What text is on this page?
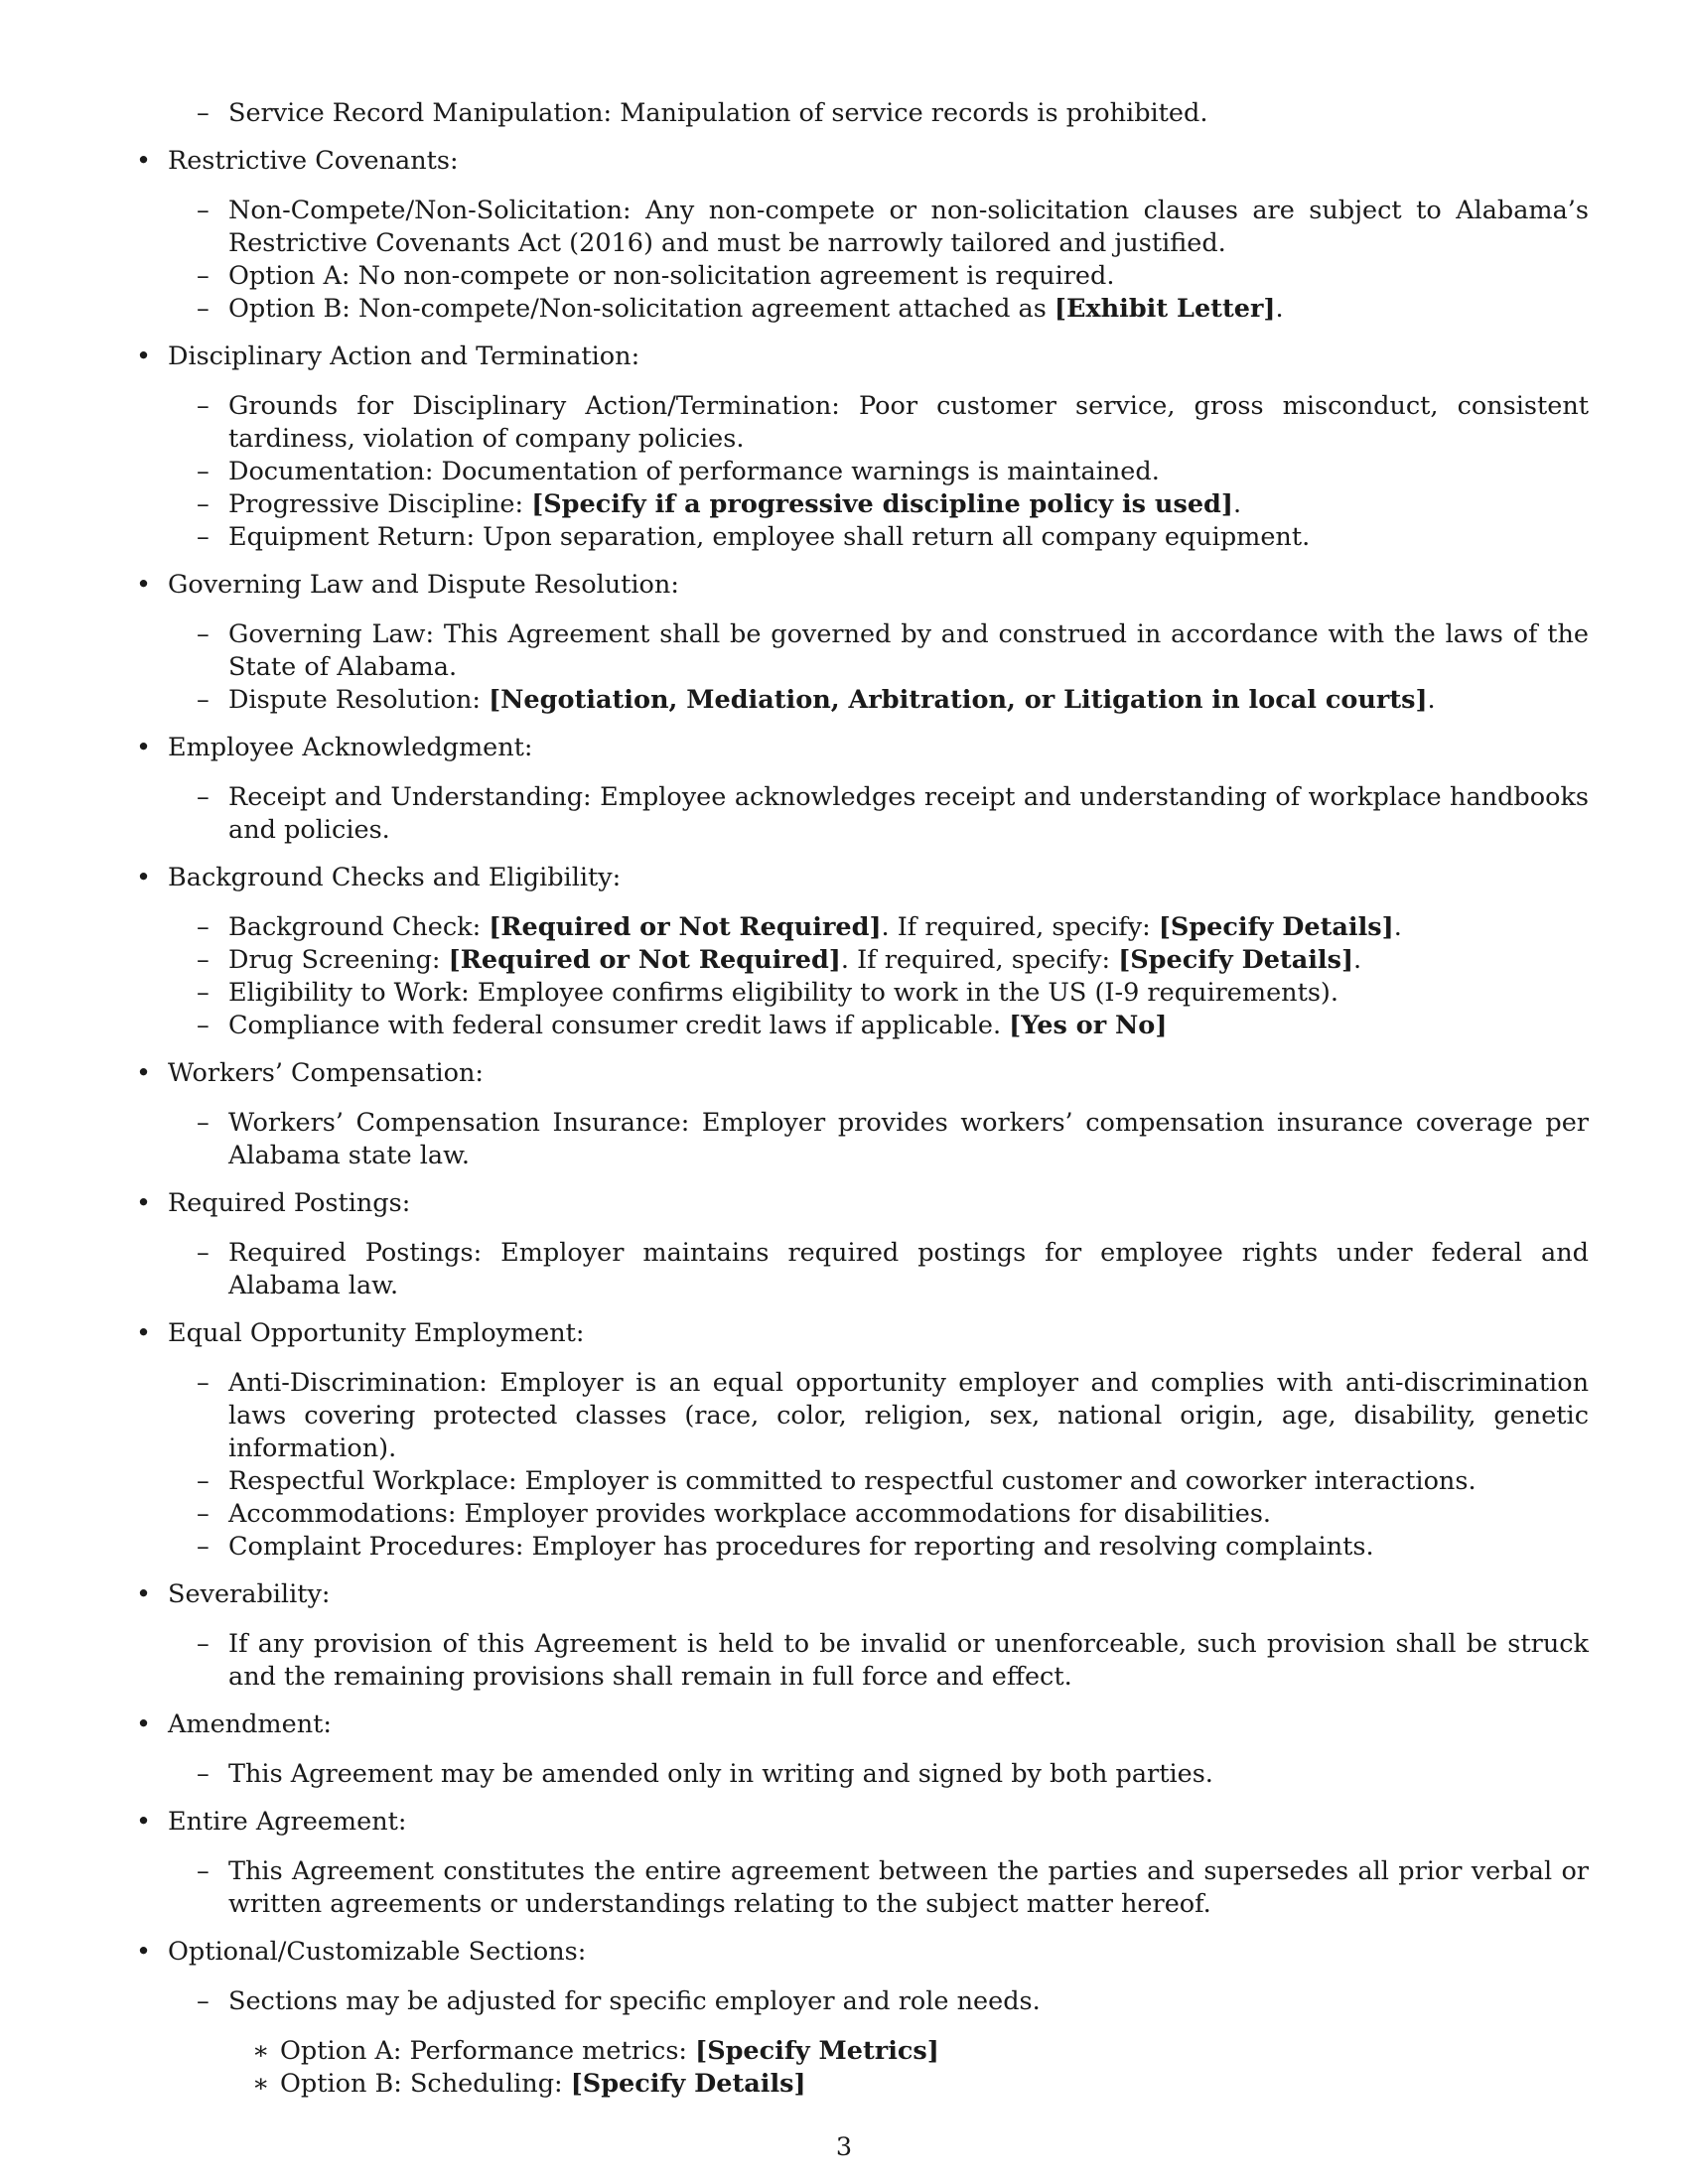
– Service Record Manipulation: Manipulation of service records is prohibited.
• Restrictive Covenants:
– Non-Compete/Non-Solicitation: Any non-compete or non-solicitation clauses are subject to Alabama’s Restrictive Covenants Act (2016) and must be narrowly tailored and justified.
– Option A: No non-compete or non-solicitation agreement is required.
– Option B: Non-compete/Non-solicitation agreement attached as [Exhibit Letter].
• Disciplinary Action and Termination:
– Grounds for Disciplinary Action/Termination: Poor customer service, gross misconduct, consistent tardiness, violation of company policies.
– Documentation: Documentation of performance warnings is maintained.
– Progressive Discipline: [Specify if a progressive discipline policy is used].
– Equipment Return: Upon separation, employee shall return all company equipment.
• Governing Law and Dispute Resolution:
– Governing Law: This Agreement shall be governed by and construed in accordance with the laws of the State of Alabama.
– Dispute Resolution: [Negotiation, Mediation, Arbitration, or Litigation in local courts].
• Employee Acknowledgment:
– Receipt and Understanding: Employee acknowledges receipt and understanding of workplace handbooks and policies.
• Background Checks and Eligibility:
– Background Check: [Required or Not Required]. If required, specify: [Specify Details].
– Drug Screening: [Required or Not Required]. If required, specify: [Specify Details].
– Eligibility to Work: Employee confirms eligibility to work in the US (I-9 requirements).
– Compliance with federal consumer credit laws if applicable. [Yes or No]
• Workers’ Compensation:
– Workers’ Compensation Insurance: Employer provides workers’ compensation insurance coverage per Alabama state law.
• Required Postings:
– Required Postings: Employer maintains required postings for employee rights under federal and Alabama law.
• Equal Opportunity Employment:
– Anti-Discrimination: Employer is an equal opportunity employer and complies with anti-discrimination laws covering protected classes (race, color, religion, sex, national origin, age, disability, genetic information).
– Respectful Workplace: Employer is committed to respectful customer and coworker interactions.
– Accommodations: Employer provides workplace accommodations for disabilities.
– Complaint Procedures: Employer has procedures for reporting and resolving complaints.
• Severability:
– If any provision of this Agreement is held to be invalid or unenforceable, such provision shall be struck and the remaining provisions shall remain in full force and effect.
• Amendment:
– This Agreement may be amended only in writing and signed by both parties.
• Entire Agreement:
– This Agreement constitutes the entire agreement between the parties and supersedes all prior verbal or written agreements or understandings relating to the subject matter hereof.
• Optional/Customizable Sections:
– Sections may be adjusted for specific employer and role needs.
∗ Option A: Performance metrics: [Specify Metrics]
∗ Option B: Scheduling: [Specify Details]
3
